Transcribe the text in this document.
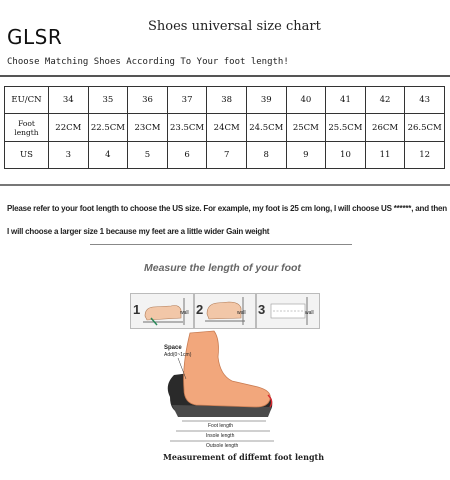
GLSR	Shoes universal size chart
Choose Matching Shoes According To Your foot length!
EU/CN	34	35	36	37	38	39	40	41	42	43
Foot length	22CM	22.5CM	23CM	23.5CM	24CM	24.5CM	25CM	25.5CM	26CM	26.5CM
US	3	4	5	6	7	8	9	10	11	12
Please refer to your foot length to choose the US size. For example, my foot is 25 cm long, I will choose US ******, and then I will choose a larger size 1 because my feet are a little wider Gain weight
Measure the length of your foot
1	wall 2	wall 3	wall
Space
Add(0~1cm)
Foot length
Insole length
Outsole length
Measurement of diffemt foot length
